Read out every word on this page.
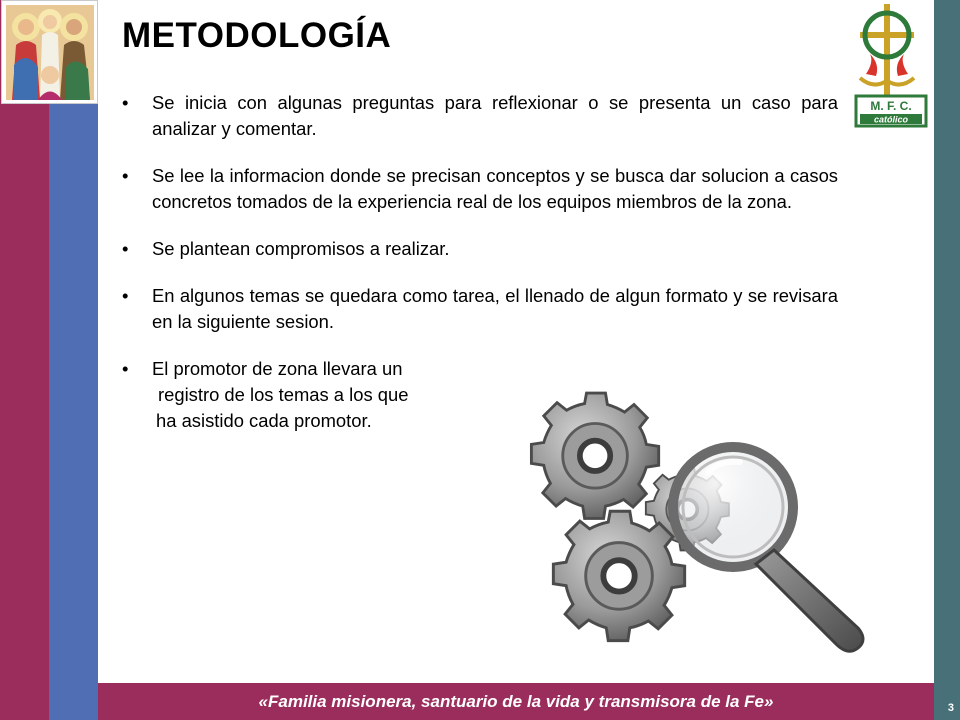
METODOLOGÍA
• Se inicia con algunas preguntas para reflexionar o se presenta un caso para analizar y comentar.
• Se lee la informacion donde se precisan conceptos y se busca dar solucion a casos concretos tomados de la experiencia real de los equipos miembros de la zona.
• Se plantean compromisos a realizar.
• En algunos temas se quedara como tarea, el llenado de algun formato y se revisara en la siguiente sesion.
• El promotor de zona llevara un
registro de los temas a los que
ha asistido cada promotor.
M. F. C.
católico
«Familia misionera, santuario de la vida y transmisora de la Fe»	3
